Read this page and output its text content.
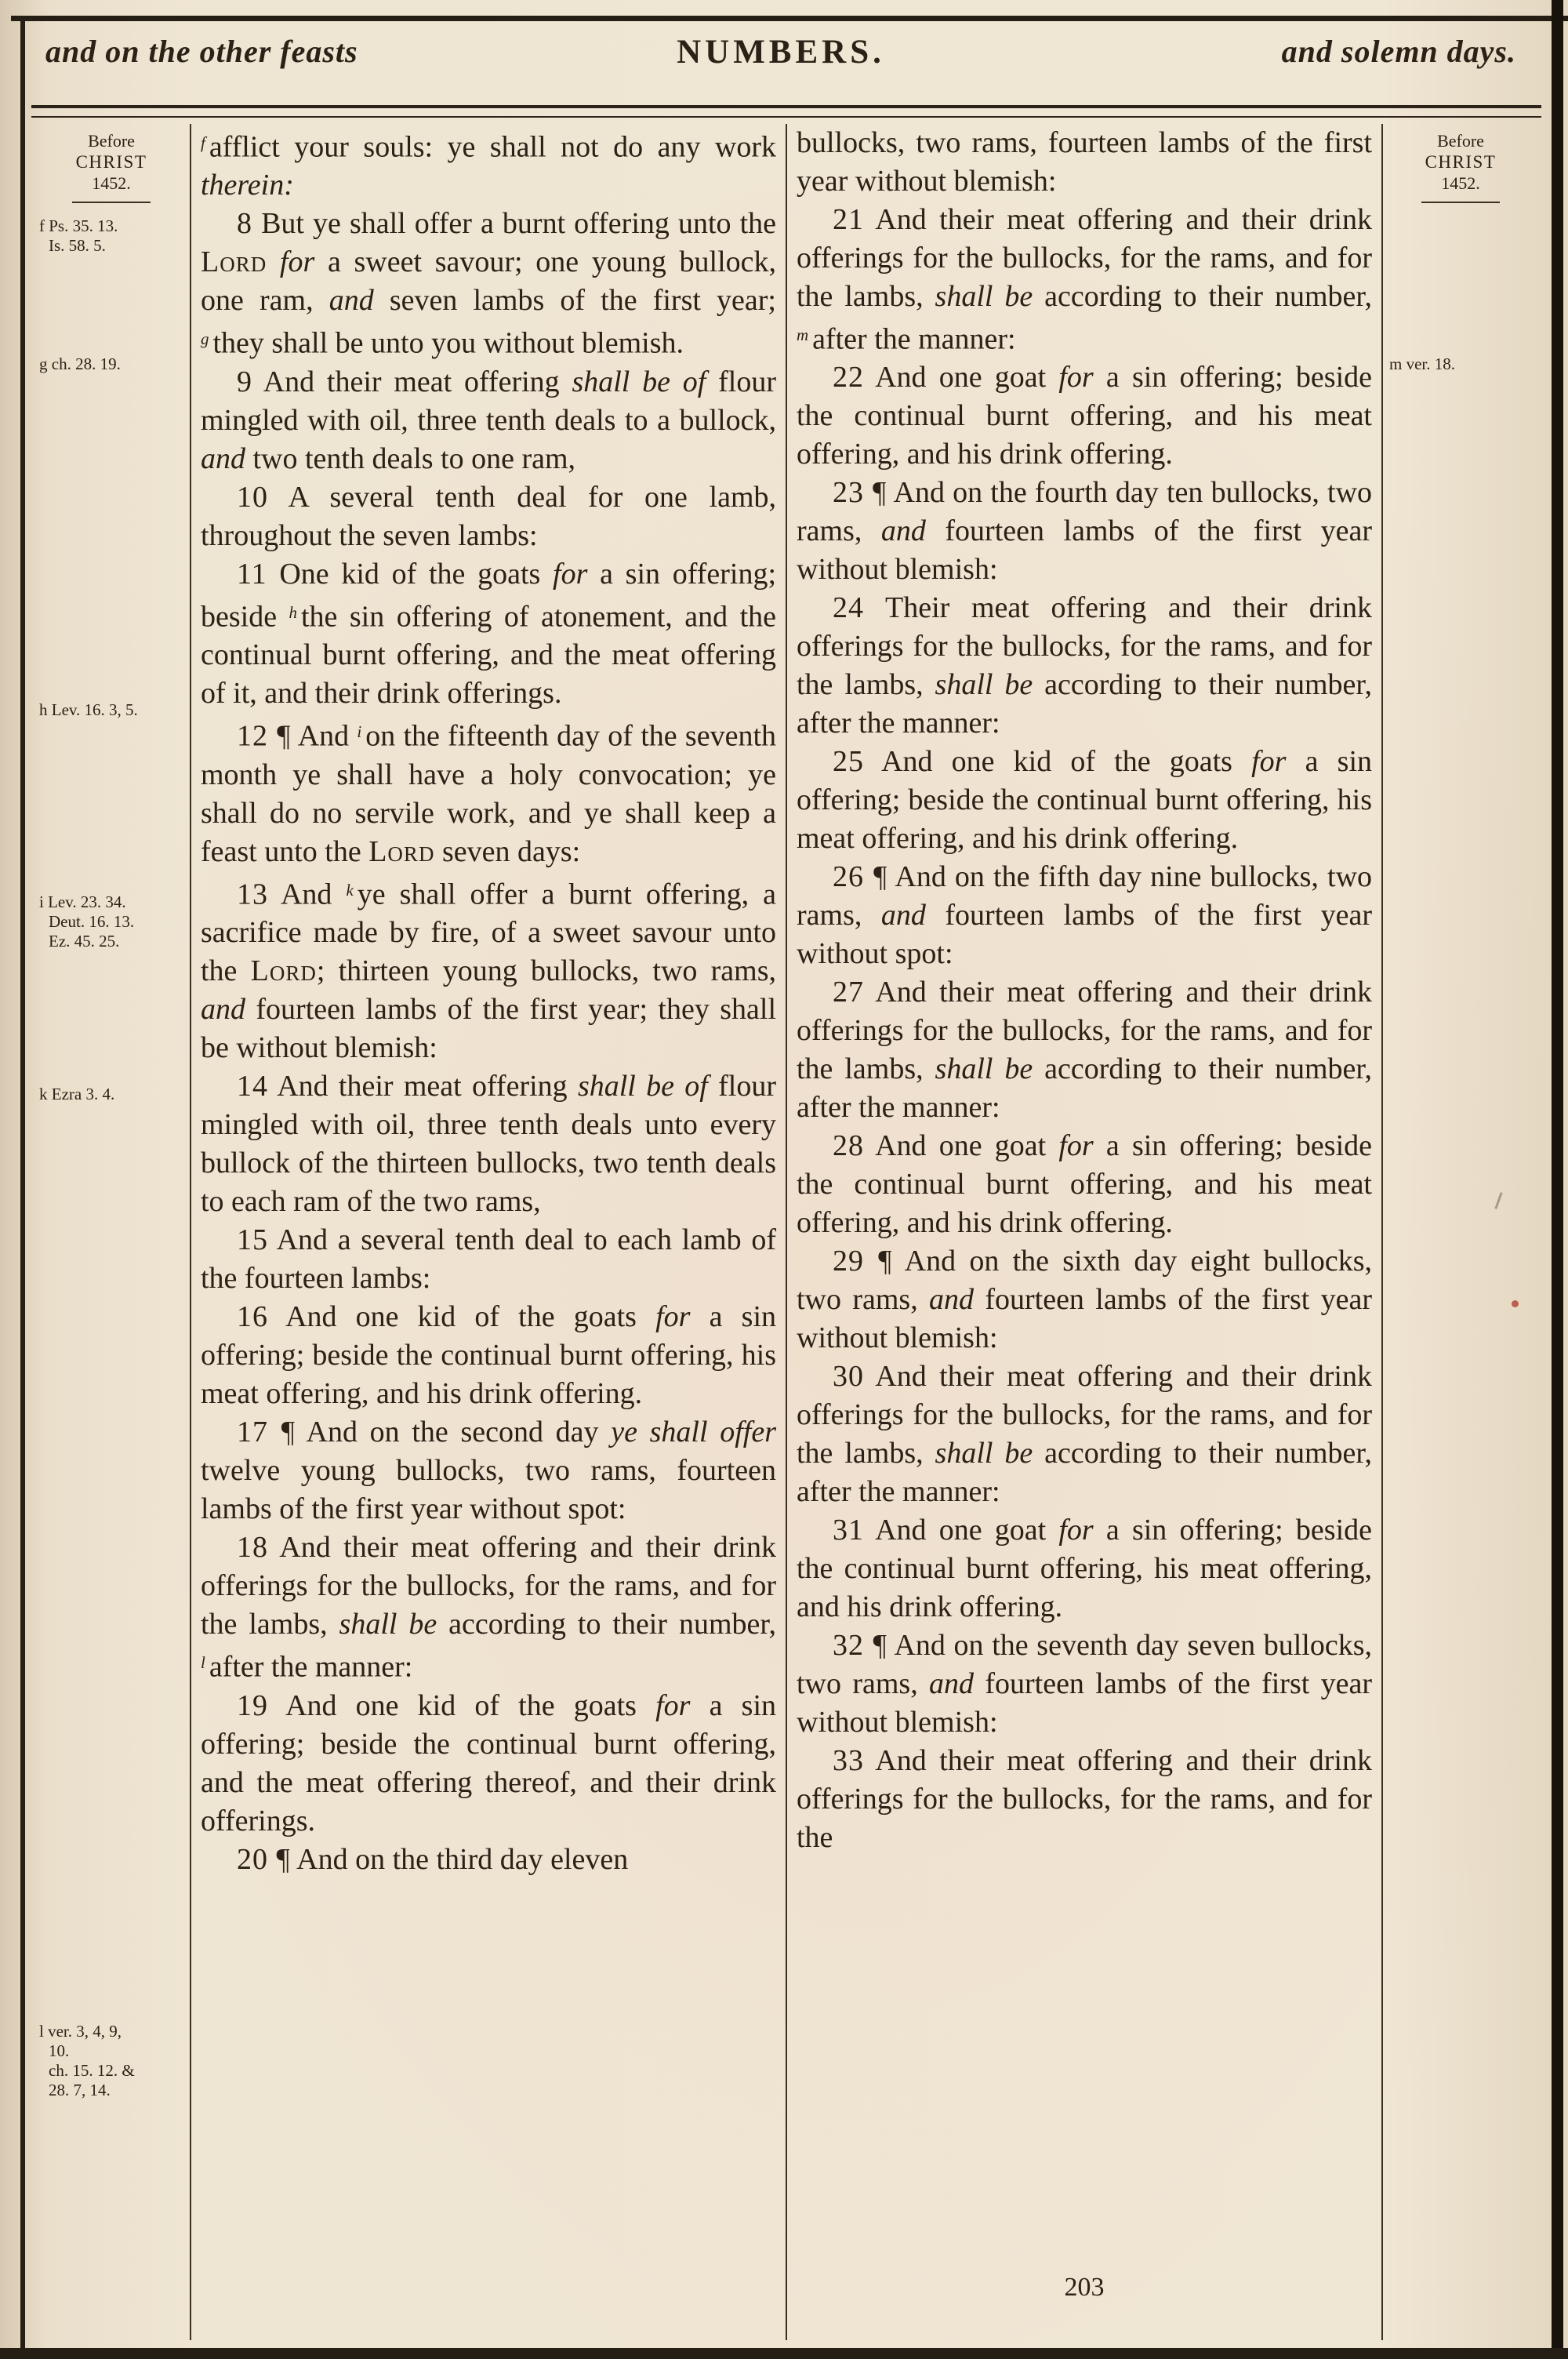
and on the other feasts	NUMBERS.	and solemn days.
Before
CHRIST
1452.
f Ps. 35. 13.
Is. 58. 5.
g ch. 28. 19.
h Lev. 16. 3, 5.
i Lev. 23. 34.
Deut. 16. 13.
Ez. 45. 25.
k Ezra 3. 4.
l ver. 3, 4, 9,
10.
ch. 15. 12. &
28. 7, 14.

$^f$ afflict your souls: ye shall not do any work therein:

8 But ye shall offer a burnt offering unto the Lord for a sweet savour; one young bullock, one ram, and seven lambs of the first year; $^g$ they shall be unto you without blemish.

9 And their meat offering shall be of flour mingled with oil, three tenth deals to a bullock, and two tenth deals to one ram,

10 A several tenth deal for one lamb, throughout the seven lambs:

11 One kid of the goats for a sin offering; beside $^h$ the sin offering of atonement, and the continual burnt offering, and the meat offering of it, and their drink offerings.

12 ¶ And $^i$ on the fifteenth day of the seventh month ye shall have a holy convocation; ye shall do no servile work, and ye shall keep a feast unto the Lord seven days:

13 And $^k$ ye shall offer a burnt offering, a sacrifice made by fire, of a sweet savour unto the Lord; thirteen young bullocks, two rams, and fourteen lambs of the first year; they shall be without blemish:

14 And their meat offering shall be of flour mingled with oil, three tenth deals unto every bullock of the thirteen bullocks, two tenth deals to each ram of the two rams,

15 And a several tenth deal to each lamb of the fourteen lambs:

16 And one kid of the goats for a sin offering; beside the continual burnt offering, his meat offering, and his drink offering.

17 ¶ And on the second day ye shall offer twelve young bullocks, two rams, fourteen lambs of the first year without spot:

18 And their meat offering and their drink offerings for the bullocks, for the rams, and for the lambs, shall be according to their number, $^l$ after the manner:

19 And one kid of the goats for a sin offering; beside the continual burnt offering, and the meat offering thereof, and their drink offerings.

20 ¶ And on the third day eleven

bullocks, two rams, fourteen lambs of the first year without blemish:

21 And their meat offering and their drink offerings for the bullocks, for the rams, and for the lambs, shall be according to their number, $^m$ after the manner:

22 And one goat for a sin offering; beside the continual burnt offering, and his meat offering, and his drink offering.

23 ¶ And on the fourth day ten bullocks, two rams, and fourteen lambs of the first year without blemish:

24 Their meat offering and their drink offerings for the bullocks, for the rams, and for the lambs, shall be according to their number, after the manner:

25 And one kid of the goats for a sin offering; beside the continual burnt offering, his meat offering, and his drink offering.

26 ¶ And on the fifth day nine bullocks, two rams, and fourteen lambs of the first year without spot:

27 And their meat offering and their drink offerings for the bullocks, for the rams, and for the lambs, shall be according to their number, after the manner:

28 And one goat for a sin offering; beside the continual burnt offering, and his meat offering, and his drink offering.

29 ¶ And on the sixth day eight bullocks, two rams, and fourteen lambs of the first year without blemish:

30 And their meat offering and their drink offerings for the bullocks, for the rams, and for the lambs, shall be according to their number, after the manner:

31 And one goat for a sin offering; beside the continual burnt offering, his meat offering, and his drink offering.

32 ¶ And on the seventh day seven bullocks, two rams, and fourteen lambs of the first year without blemish:

33 And their meat offering and their drink offerings for the bullocks, for the rams, and for the

Before
CHRIST
1452.
m ver. 18.
203
